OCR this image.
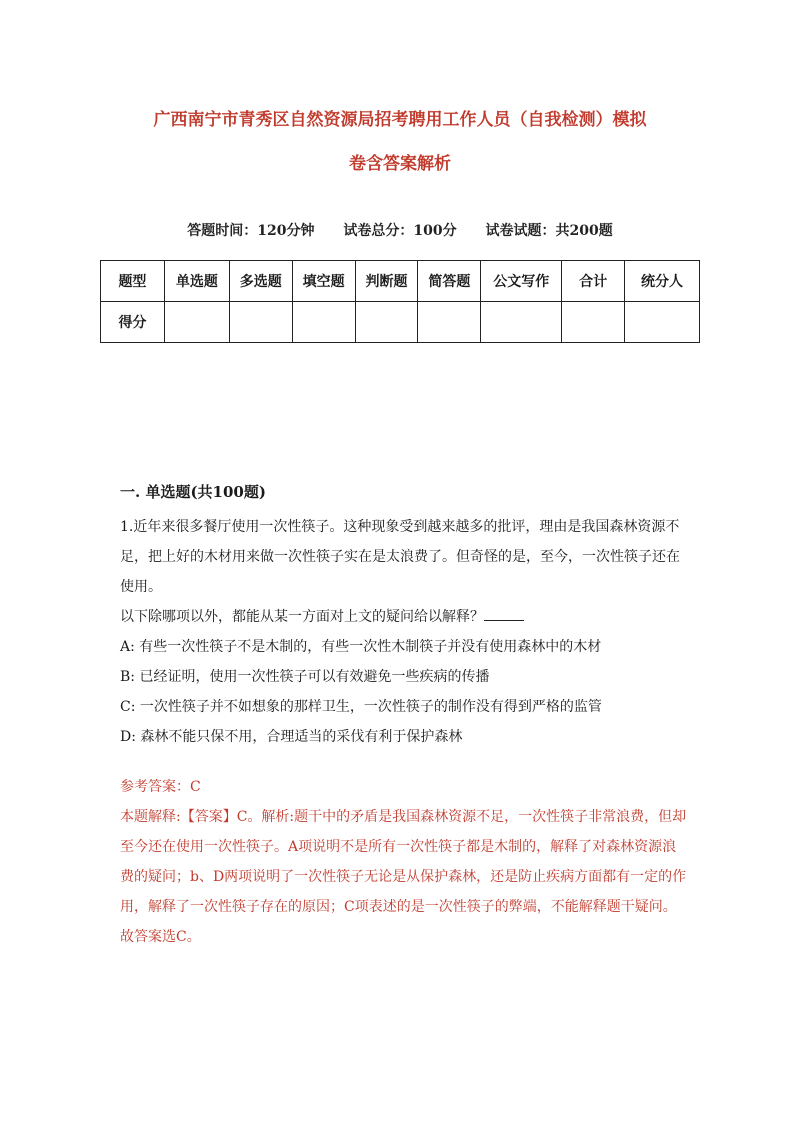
广西南宁市青秀区自然资源局招考聘用工作人员（自我检测）模拟
卷含答案解析
答题时间：120分钟 试卷总分：100分 试卷试题：共200题
题型	单选题	多选题	填空题	判断题	简答题	公文写作	合计	统分人
得分								
一. 单选题(共100题)

1.近年来很多餐厅使用一次性筷子。这种现象受到越来越多的批评，理由是我国森林资源不足，把上好的木材用来做一次性筷子实在是太浪费了。但奇怪的是，至今，一次性筷子还在使用。

以下除哪项以外，都能从某一方面对上文的疑问给以解释？

A: 有些一次性筷子不是木制的，有些一次性木制筷子并没有使用森林中的木材

B: 已经证明，使用一次性筷子可以有效避免一些疾病的传播

C: 一次性筷子并不如想象的那样卫生，一次性筷子的制作没有得到严格的监管

D: 森林不能只保不用，合理适当的采伐有利于保护森林

参考答案：C

本题解释:【答案】C。解析:题干中的矛盾是我国森林资源不足，一次性筷子非常浪费，但却至今还在使用一次性筷子。A项说明不是所有一次性筷子都是木制的，解释了对森林资源浪费的疑问；b、D两项说明了一次性筷子无论是从保护森林，还是防止疾病方面都有一定的作用，解释了一次性筷子存在的原因；C项表述的是一次性筷子的弊端，不能解释题干疑问。故答案选C。
